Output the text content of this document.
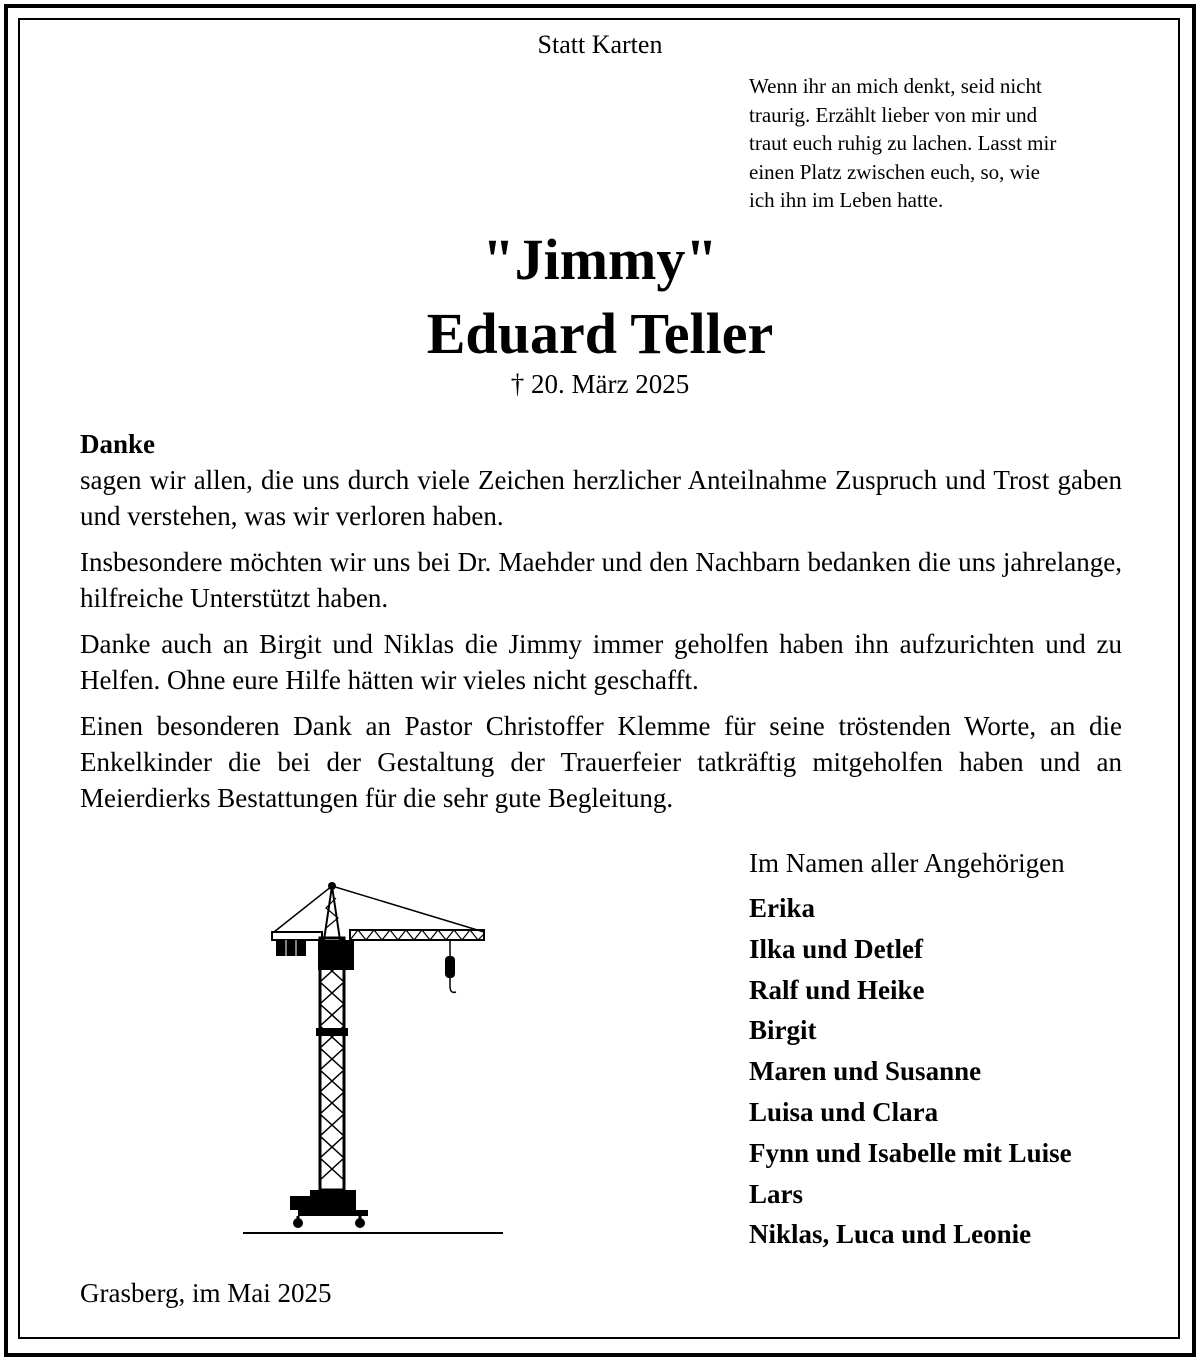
Statt Karten
Wenn ihr an mich denkt, seid nicht
traurig. Erzählt lieber von mir und
traut euch ruhig zu lachen. Lasst mir
einen Platz zwischen euch, so, wie
ich ihn im Leben hatte.
"Jimmy"
Eduard Teller
† 20. März 2025
Danke

sagen wir allen, die uns durch viele Zeichen herzlicher Anteilnahme Zuspruch und Trost gaben und verstehen, was wir verloren haben.

Insbesondere möchten wir uns bei Dr. Maehder und den Nachbarn bedanken die uns jahrelange, hilfreiche Unterstützt haben.

Danke auch an Birgit und Niklas die Jimmy immer geholfen haben ihn aufzurichten und zu Helfen. Ohne eure Hilfe hätten wir vieles nicht geschafft.

Einen besonderen Dank an Pastor Christoffer Klemme für seine tröstenden Worte, an die Enkelkinder die bei der Gestaltung der Trauerfeier tatkräftig mitgeholfen haben und an Meierdierks Bestattungen für die sehr gute Begleitung.

Im Namen aller Angehörigen
Erika
Ilka und Detlef
Ralf und Heike
Birgit
Maren und Susanne
Luisa und Clara
Fynn und Isabelle mit Luise
Lars
Niklas, Luca und Leonie
Grasberg, im Mai 2025
